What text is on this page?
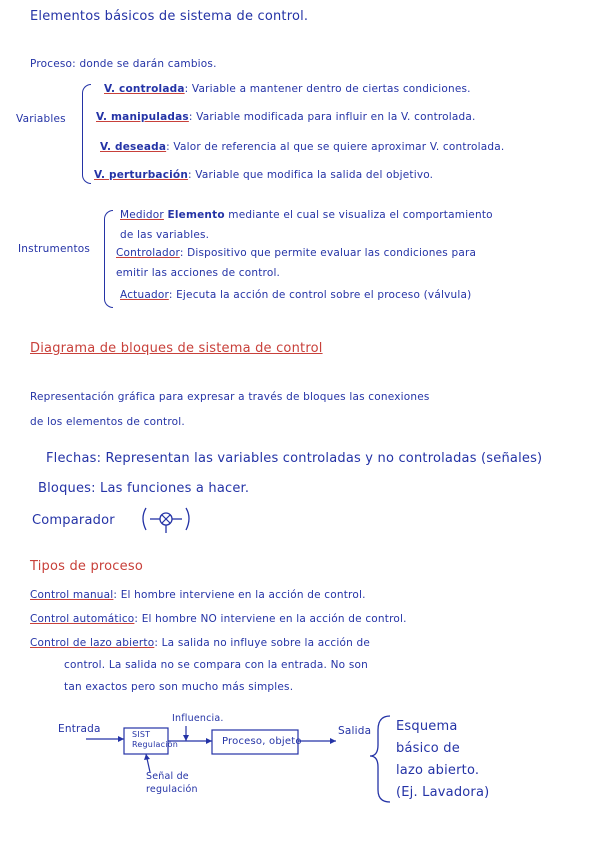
Elementos básicos de sistema de control.
Proceso: donde se darán cambios.
Variables
V. controlada: Variable a mantener dentro de ciertas condiciones.
V. manipuladas: Variable modificada para influir en la V. controlada.
V. deseada: Valor de referencia al que se quiere aproximar V. controlada.
V. perturbación: Variable que modifica la salida del objetivo.
Instrumentos
Medidor Elemento mediante el cual se visualiza el comportamiento
de las variables.
Controlador: Dispositivo que permite evaluar las condiciones para
emitir las acciones de control.
Actuador: Ejecuta la acción de control sobre el proceso (válvula)
Diagrama de bloques de sistema de control
Representación gráfica para expresar a través de bloques las conexiones
de los elementos de control.
Flechas: Representan las variables controladas y no controladas (señales)
Bloques: Las funciones a hacer.
Comparador
Tipos de proceso
Control manual: El hombre interviene en la acción de control.
Control automático: El hombre NO interviene en la acción de control.
Control de lazo abierto: La salida no influye sobre la acción de
control. La salida no se compara con la entrada. No son
tan exactos pero son mucho más simples.
Entrada
Influencia.
SIST
Regulación	Proceso, objeto
Salida
Señal de
regulación
Esquema
básico de
lazo abierto.
(Ej. Lavadora)
